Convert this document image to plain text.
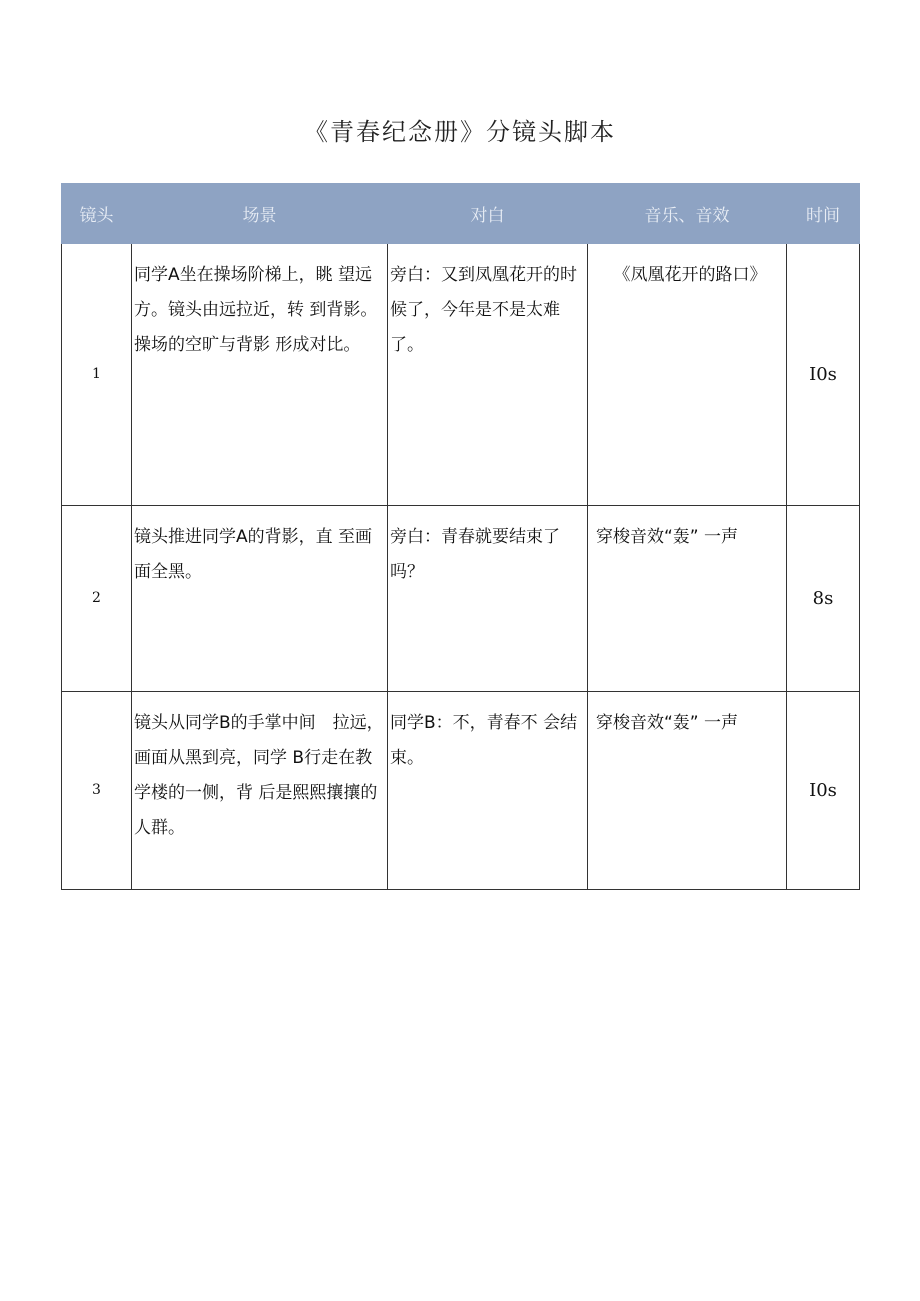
《青春纪念册》分镜头脚本
镜头	场景	对白	音乐、音效	时间
1	同学A坐在操场阶梯上，眺 望远方。镜头由远拉近，转 到背影。操场的空旷与背影 形成对比。	旁白：又到凤凰花开的时候了，今年是不是太难了。	《凤凰花开的路口》	I0s
2	镜头推进同学A的背影，直 至画面全黑。	旁白：青春就要结束了吗？	穿梭音效“轰” 一声	8s
3	镜头从同学B的手掌中间　拉远，画面从黑到亮，同学 B行走在教学楼的一侧，背 后是熙熙攘攘的人群。	同学B：不，青春不 会结束。	穿梭音效“轰” 一声	I0s
